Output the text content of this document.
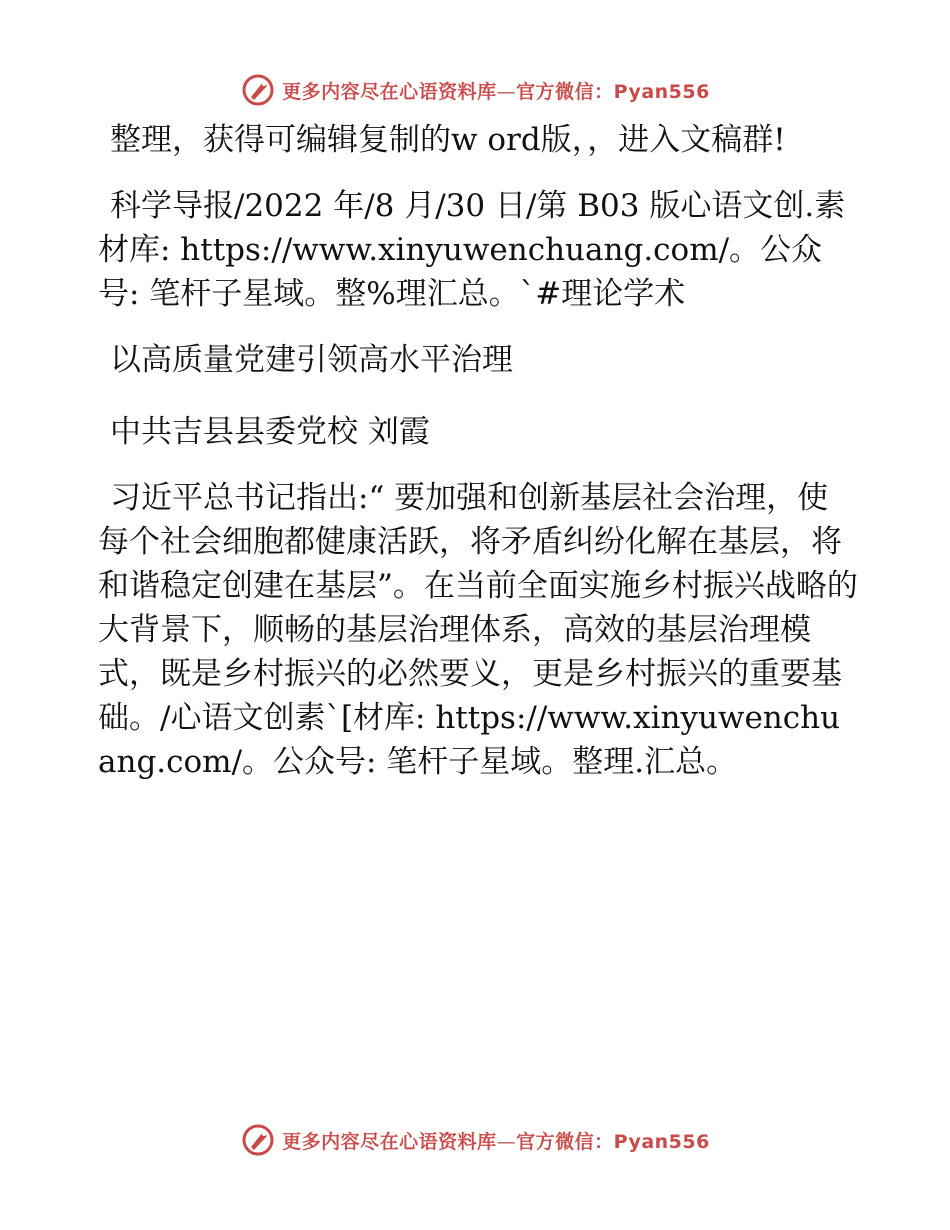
更多内容尽在心语资料库—官方微信：Pyan556

整理，获得可编辑复制的w ord版，，进入文稿群!

科学导报/2022 年/8 月/30 日/第 B03 版心语文创.素材库: https://www.xinyuwenchuang.com/。公众号: 笔杆子星域。整%理汇总。`#理论学术

以高质量党建引领高水平治理

中共吉县县委党校 刘霞

习近平总书记指出:“ 要加强和创新基层社会治理，使每个社会细胞都健康活跃，将矛盾纠纷化解在基层，将和谐稳定创建在基层”。在当前全面实施乡村振兴战略的大背景下，顺畅的基层治理体系，高效的基层治理模式，既是乡村振兴的必然要义，更是乡村振兴的重要基础。/心语文创素`[材库: https://www.xinyuwenchuang.com/。公众号: 笔杆子星域。整理.汇总。

更多内容尽在心语资料库—官方微信：Pyan556
